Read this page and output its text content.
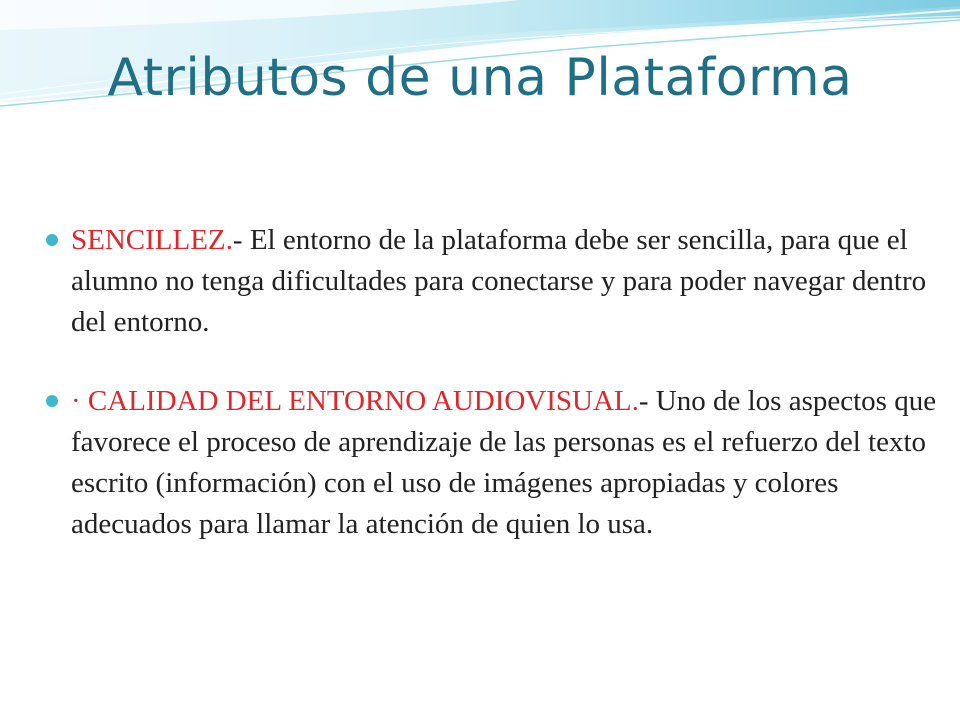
Atributos de una Plataforma
SENCILLEZ.- El entorno de la plataforma debe ser sencilla, para que el alumno no tenga dificultades para conectarse y para poder navegar dentro del entorno.
· CALIDAD DEL ENTORNO AUDIOVISUAL.- Uno de los aspectos que favorece el proceso de aprendizaje de las personas es el refuerzo del texto escrito (información) con el uso de imágenes apropiadas y colores adecuados para llamar la atención de quien lo usa.
